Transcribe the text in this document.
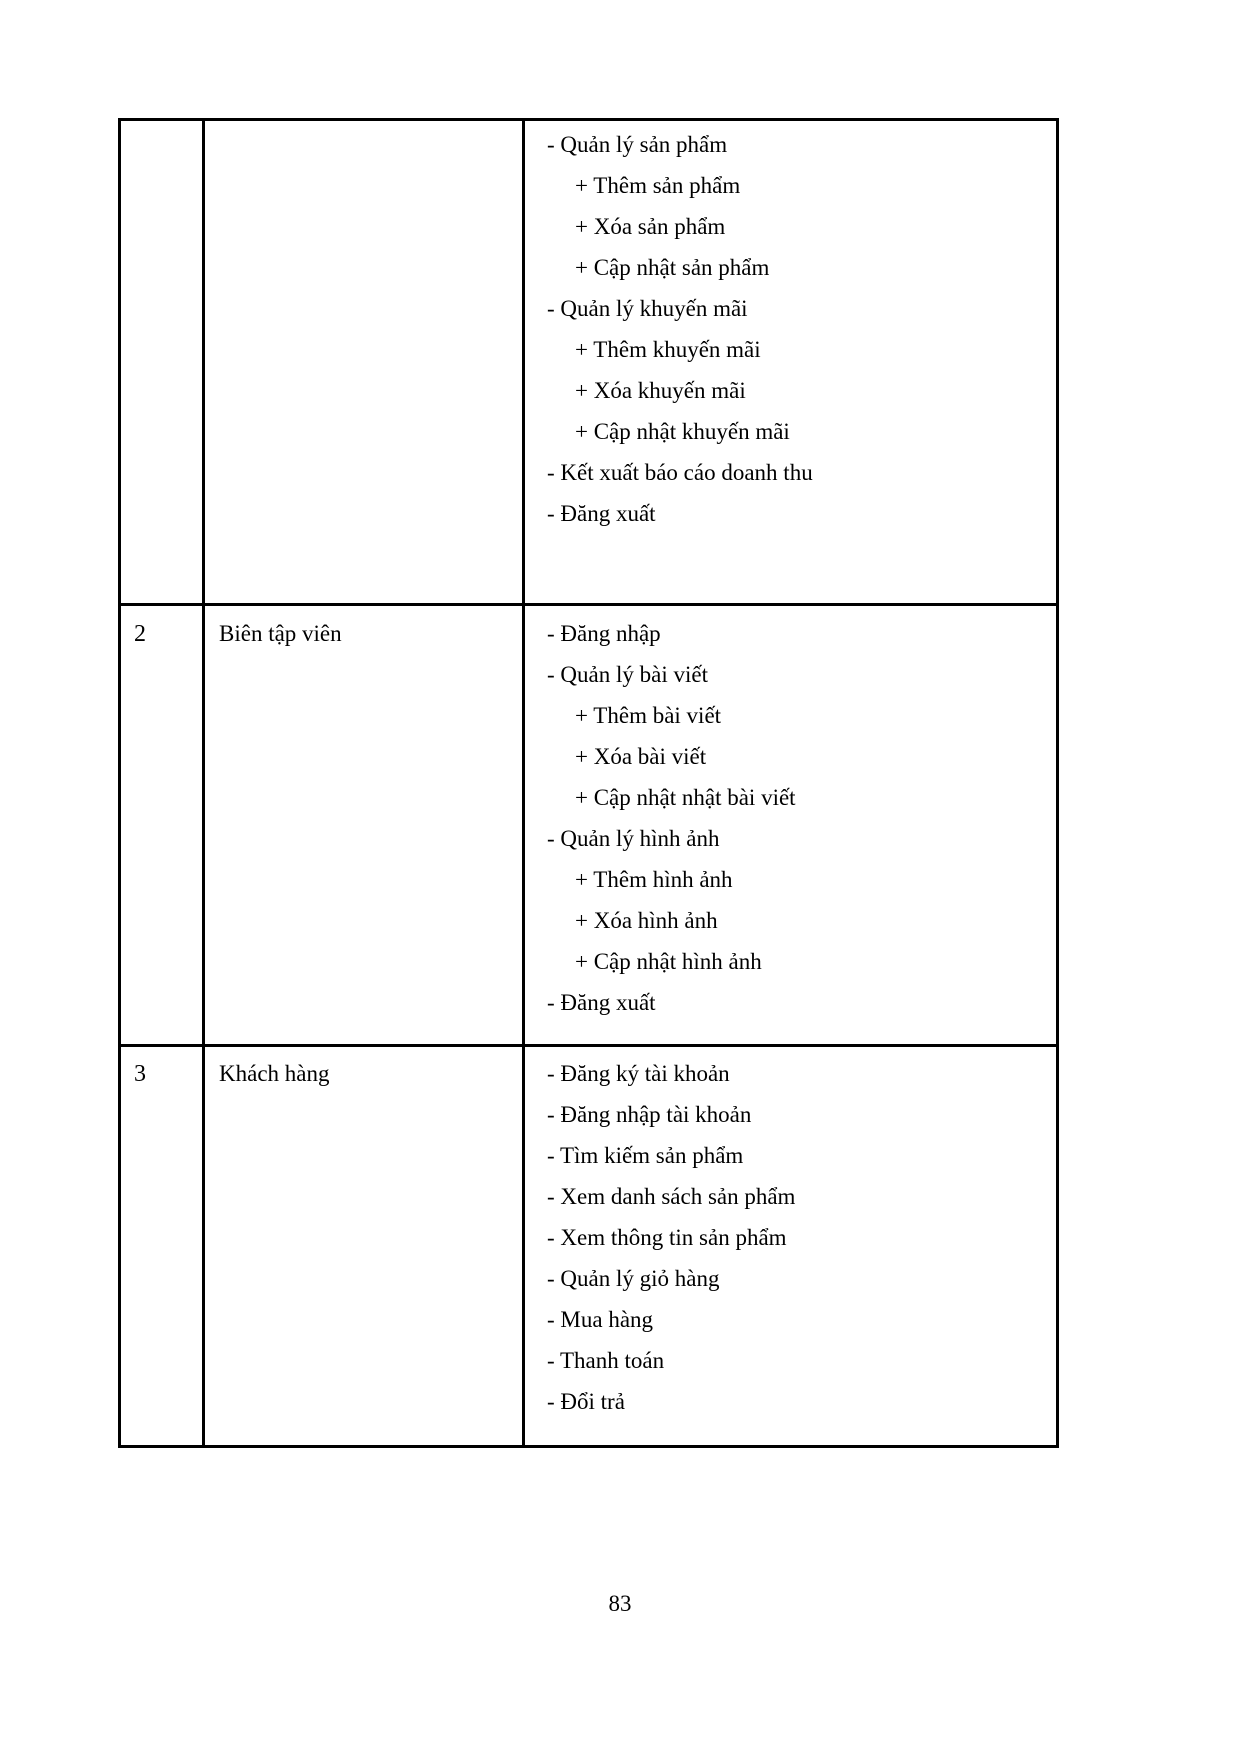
- Quản lý sản phẩm
+ Thêm sản phẩm
+ Xóa sản phẩm
+ Cập nhật sản phẩm
- Quản lý khuyến mãi
+ Thêm khuyến mãi
+ Xóa khuyến mãi
+ Cập nhật khuyến mãi
- Kết xuất báo cáo doanh thu
- Đăng xuất

2	Biên tập viên	- Đăng nhập
- Quản lý bài viết
+ Thêm bài viết
+ Xóa bài viết
+ Cập nhật nhật bài viết
- Quản lý hình ảnh
+ Thêm hình ảnh
+ Xóa hình ảnh
+ Cập nhật hình ảnh
- Đăng xuất

3	Khách hàng	- Đăng ký tài khoản
- Đăng nhập tài khoản
- Tìm kiếm sản phẩm
- Xem danh sách sản phẩm
- Xem thông tin sản phẩm
- Quản lý giỏ hàng
- Mua hàng
- Thanh toán
- Đổi trả
83
